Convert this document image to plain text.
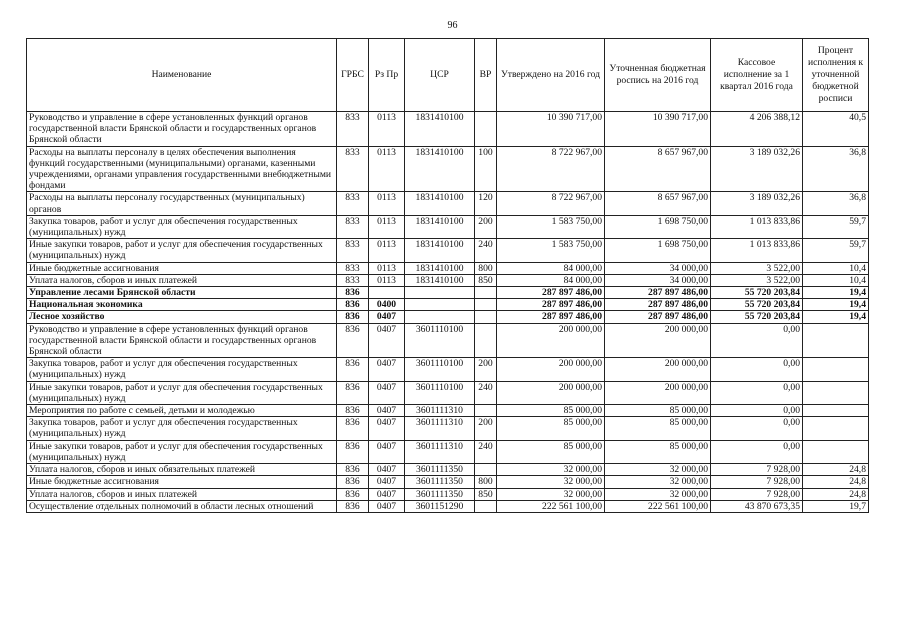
96
Наименование	ГРБС	Рз Пр	ЦСР	ВР	Утверждено на 2016 год	Уточненная бюджетная роспись на 2016 год	Кассовое исполнение за 1 квартал 2016 года	Процент исполнения к уточненной бюджетной росписи
Руководство и управление в сфере установленных функций органов государственной власти Брянской области и государственных органов Брянской области	833	0113	1831410100		10 390 717,00	10 390 717,00	4 206 388,12	40,5
Расходы на выплаты персоналу в целях обеспечения выполнения функций государственными (муниципальными) органами, казенными учреждениями, органами управления государственными внебюджетными фондами	833	0113	1831410100	100	8 722 967,00	8 657 967,00	3 189 032,26	36,8
Расходы на выплаты персоналу государственных (муниципальных) органов	833	0113	1831410100	120	8 722 967,00	8 657 967,00	3 189 032,26	36,8
Закупка товаров, работ и услуг для обеспечения государственных (муниципальных) нужд	833	0113	1831410100	200	1 583 750,00	1 698 750,00	1 013 833,86	59,7
Иные закупки товаров, работ и услуг для обеспечения государственных (муниципальных) нужд	833	0113	1831410100	240	1 583 750,00	1 698 750,00	1 013 833,86	59,7
Иные бюджетные ассигнования	833	0113	1831410100	800	84 000,00	34 000,00	3 522,00	10,4
Уплата налогов, сборов и иных платежей	833	0113	1831410100	850	84 000,00	34 000,00	3 522,00	10,4
Управление лесами Брянской области	836				287 897 486,00	287 897 486,00	55 720 203,84	19,4
Национальная экономика	836	0400			287 897 486,00	287 897 486,00	55 720 203,84	19,4
Лесное хозяйство	836	0407			287 897 486,00	287 897 486,00	55 720 203,84	19,4
Руководство и управление в сфере установленных функций органов государственной власти Брянской области и государственных органов Брянской области	836	0407	3601110100		200 000,00	200 000,00	0,00	
Закупка товаров, работ и услуг для обеспечения государственных (муниципальных) нужд	836	0407	3601110100	200	200 000,00	200 000,00	0,00	
Иные закупки товаров, работ и услуг для обеспечения государственных (муниципальных) нужд	836	0407	3601110100	240	200 000,00	200 000,00	0,00	
Мероприятия по работе с семьей, детьми и молодежью	836	0407	3601111310		85 000,00	85 000,00	0,00	
Закупка товаров, работ и услуг для обеспечения государственных (муниципальных) нужд	836	0407	3601111310	200	85 000,00	85 000,00	0,00	
Иные закупки товаров, работ и услуг для обеспечения государственных (муниципальных) нужд	836	0407	3601111310	240	85 000,00	85 000,00	0,00	
Уплата налогов, сборов и иных обязательных платежей	836	0407	3601111350		32 000,00	32 000,00	7 928,00	24,8
Иные бюджетные ассигнования	836	0407	3601111350	800	32 000,00	32 000,00	7 928,00	24,8
Уплата налогов, сборов и иных платежей	836	0407	3601111350	850	32 000,00	32 000,00	7 928,00	24,8
Осуществление отдельных полномочий в области лесных отношений	836	0407	3601151290		222 561 100,00	222 561 100,00	43 870 673,35	19,7
